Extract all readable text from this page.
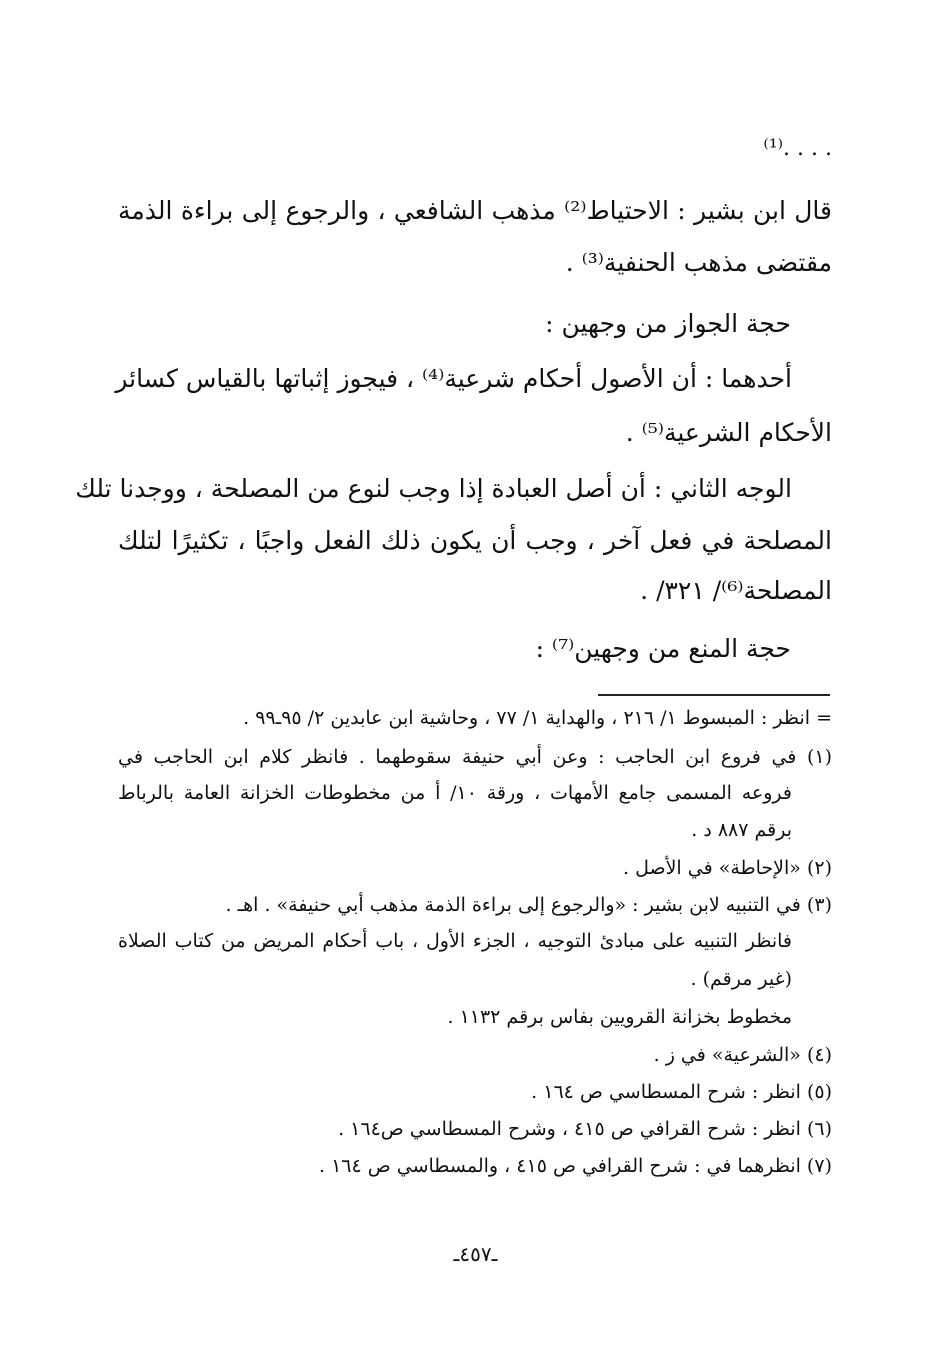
. . . .⁽¹⁾
قال ابن بشير : الاحتياط⁽²⁾ مذهب الشافعي ، والرجوع إلى براءة الذمة
مقتضى مذهب الحنفية⁽³⁾ .
حجة الجواز من وجهين :
أحدهما : أن الأصول أحكام شرعية⁽⁴⁾ ، فيجوز إثباتها بالقياس كسائر
الأحكام الشرعية⁽⁵⁾ .
الوجه الثاني : أن أصل العبادة إذا وجب لنوع من المصلحة ، ووجدنا تلك
المصلحة في فعل آخر ، وجب أن يكون ذلك الفعل واجبًا ، تكثيرًا لتلك
المصلحة⁽⁶⁾/ ٣٢١/ .
حجة المنع من وجهين⁽⁷⁾ :
= انظر : المبسوط ١/ ٢١٦ ، والهداية ١/ ٧٧ ، وحاشية ابن عابدين ٢/ ٩٥ـ٩٩ .
(١) في فروع ابن الحاجب : وعن أبي حنيفة سقوطهما . فانظر كلام ابن الحاجب في
فروعه المسمى جامع الأمهات ، ورقة ١٠/ أ من مخطوطات الخزانة العامة بالرباط
برقم ٨٨٧ د .
(٢) «الإحاطة» في الأصل .
(٣) في التنبيه لابن بشير : «والرجوع إلى براءة الذمة مذهب أبي حنيفة» . اهـ .
فانظر التنبيه على مبادئ التوجيه ، الجزء الأول ، باب أحكام المريض من كتاب الصلاة
(غير مرقم) .
مخطوط بخزانة القرويين بفاس برقم ١١٣٢ .
(٤) «الشرعية» في ز .
(٥) انظر : شرح المسطاسي ص ١٦٤ .
(٦) انظر : شرح القرافي ص ٤١٥ ، وشرح المسطاسي ص١٦٤ .
(٧) انظرهما في : شرح القرافي ص ٤١٥ ، والمسطاسي ص ١٦٤ .
ـ٤٥٧ـ
